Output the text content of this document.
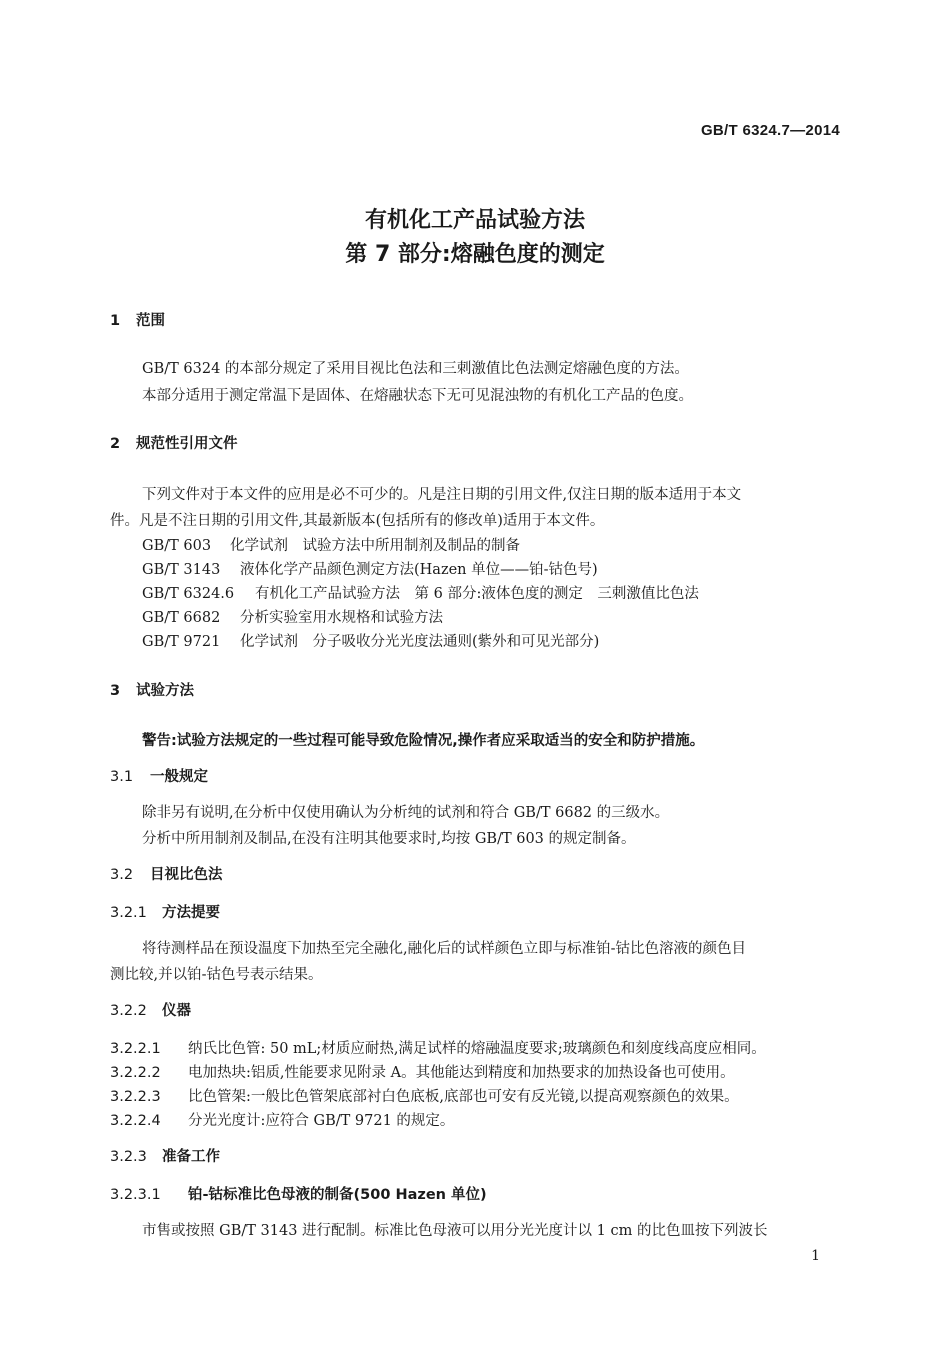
GB/T 6324.7—2014
有机化工产品试验方法
第 7 部分:熔融色度的测定
1 范围
GB/T 6324 的本部分规定了采用目视比色法和三刺激值比色法测定熔融色度的方法。
本部分适用于测定常温下是固体、在熔融状态下无可见混浊物的有机化工产品的色度。
2 规范性引用文件
下列文件对于本文件的应用是必不可少的。凡是注日期的引用文件,仅注日期的版本适用于本文
件。凡是不注日期的引用文件,其最新版本(包括所有的修改单)适用于本文件。
GB/T 603 化学试剂　试验方法中所用制剂及制品的制备
GB/T 3143 液体化学产品颜色测定方法(Hazen 单位——铂-钴色号)
GB/T 6324.6 有机化工产品试验方法　第 6 部分:液体色度的测定　三刺激值比色法
GB/T 6682 分析实验室用水规格和试验方法
GB/T 9721 化学试剂　分子吸收分光光度法通则(紫外和可见光部分)
3 试验方法
警告:试验方法规定的一些过程可能导致危险情况,操作者应采取适当的安全和防护措施。
3.1 一般规定
除非另有说明,在分析中仅使用确认为分析纯的试剂和符合 GB/T 6682 的三级水。
分析中所用制剂及制品,在没有注明其他要求时,均按 GB/T 603 的规定制备。
3.2 目视比色法
3.2.1 方法提要
将待测样品在预设温度下加热至完全融化,融化后的试样颜色立即与标准铂-钴比色溶液的颜色目
测比较,并以铂-钴色号表示结果。
3.2.2 仪器
3.2.2.1 纳氏比色管: 50 mL;材质应耐热,满足试样的熔融温度要求;玻璃颜色和刻度线高度应相同。
3.2.2.2 电加热块:铝质,性能要求见附录 A。其他能达到精度和加热要求的加热设备也可使用。
3.2.2.3 比色管架:一般比色管架底部衬白色底板,底部也可安有反光镜,以提高观察颜色的效果。
3.2.2.4 分光光度计:应符合 GB/T 9721 的规定。
3.2.3 准备工作
3.2.3.1 铂-钴标准比色母液的制备(500 Hazen 单位)
市售或按照 GB/T 3143 进行配制。标准比色母液可以用分光光度计以 1 cm 的比色皿按下列波长
1
